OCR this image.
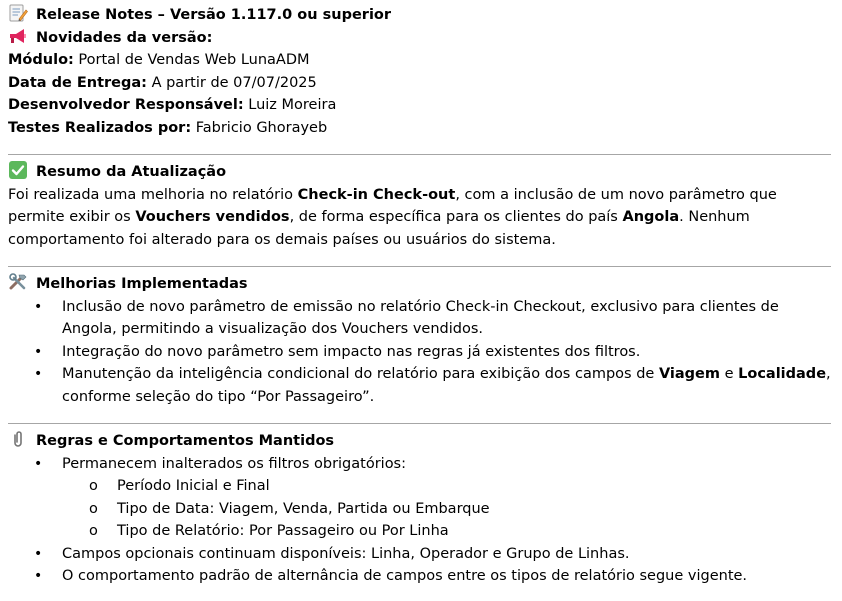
Release Notes – Versão 1.117.0 ou superior
Novidades da versão:
Módulo: Portal de Vendas Web LunaADM
Data de Entrega: A partir de 07/07/2025
Desenvolvedor Responsável: Luiz Moreira
Testes Realizados por: Fabricio Ghorayeb
Resumo da Atualização
Foi realizada uma melhoria no relatório Check-in Check-out, com a inclusão de um novo parâmetro que permite exibir os Vouchers vendidos, de forma específica para os clientes do país Angola. Nenhum comportamento foi alterado para os demais países ou usuários do sistema.
Melhorias Implementadas
• Inclusão de novo parâmetro de emissão no relatório Check-in Checkout, exclusivo para clientes de Angola, permitindo a visualização dos Vouchers vendidos.
• Integração do novo parâmetro sem impacto nas regras já existentes dos filtros.
• Manutenção da inteligência condicional do relatório para exibição dos campos de Viagem e Localidade, conforme seleção do tipo “Por Passageiro”.
Regras e Comportamentos Mantidos
• Permanecem inalterados os filtros obrigatórios:
o Período Inicial e Final
o Tipo de Data: Viagem, Venda, Partida ou Embarque
o Tipo de Relatório: Por Passageiro ou Por Linha
• Campos opcionais continuam disponíveis: Linha, Operador e Grupo de Linhas.
• O comportamento padrão de alternância de campos entre os tipos de relatório segue vigente.
